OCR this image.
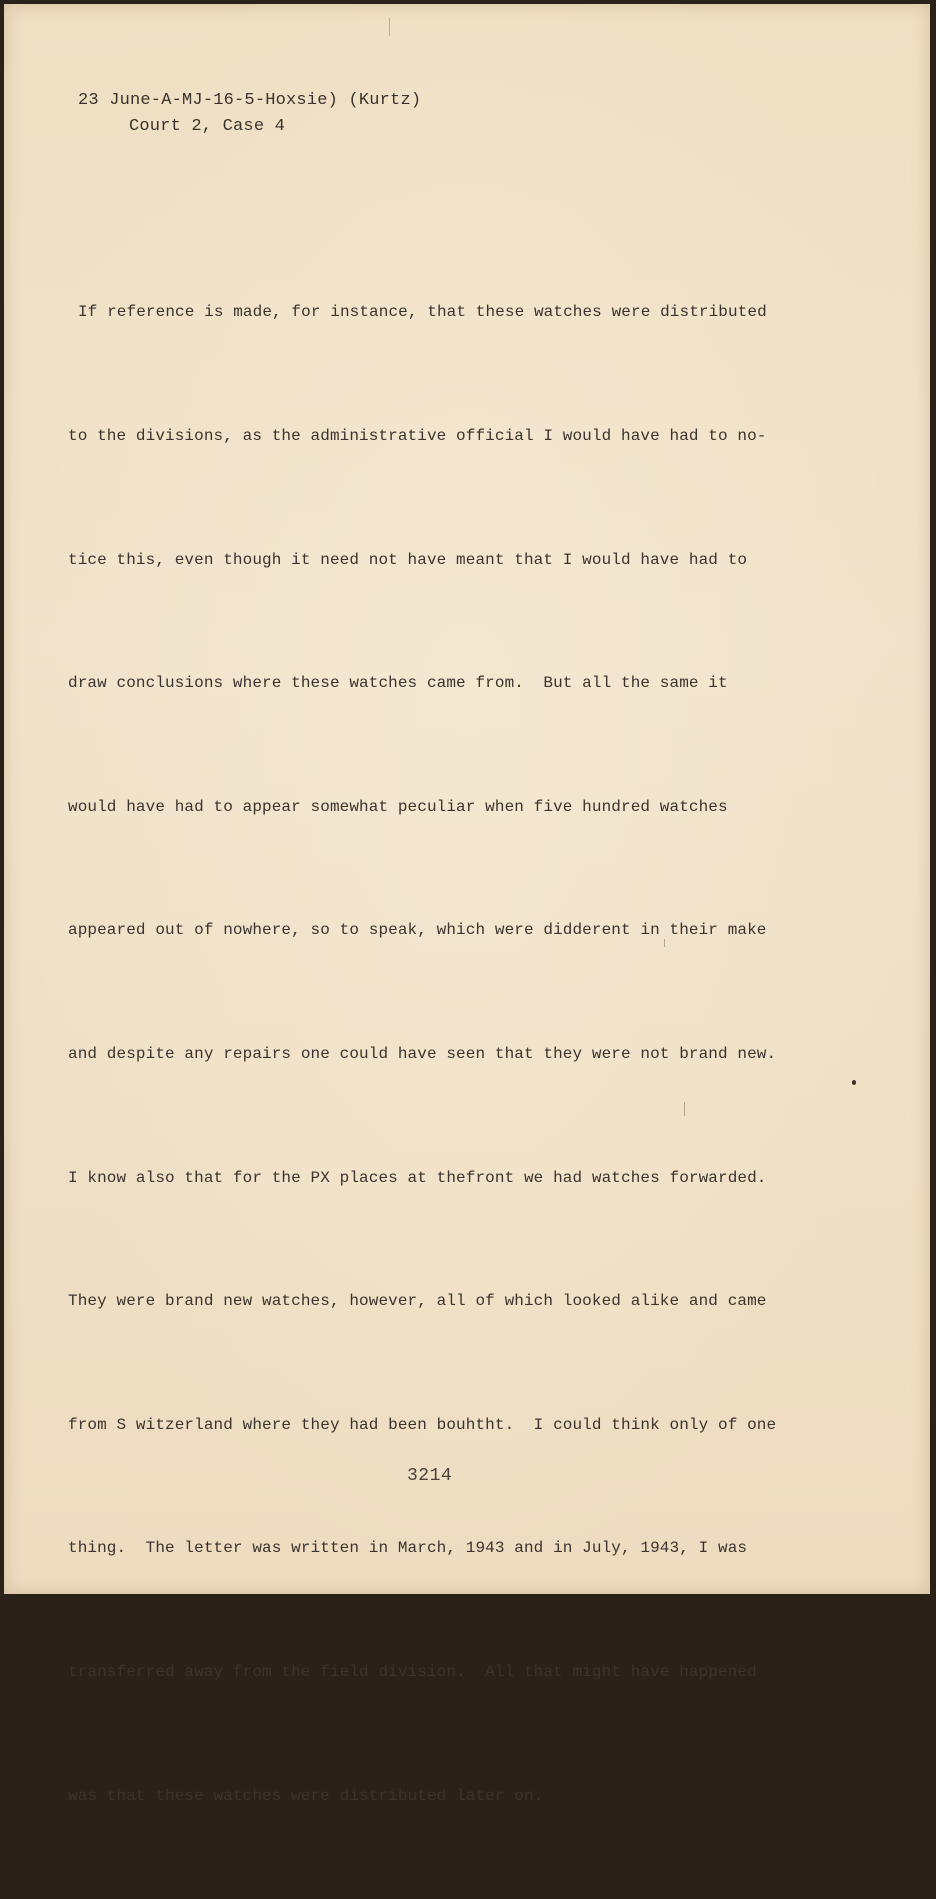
23 June-A-MJ-16-5-Hoxsie) (Kurtz)
Court 2, Case 4

If reference is made, for instance, that these watches were distributed

to the divisions, as the administrative official I would have had to no-

tice this, even though it need not have meant that I would have had to

draw conclusions where these watches came from.  But all the same it

would have had to appear somewhat peculiar when five hundred watches

appeared out of nowhere, so to speak, which were didderent in their make

and despite any repairs one could have seen that they were not brand new.

I know also that for the PX places at thefront we had watches forwarded.

They were brand new watches, however, all of which looked alike and came

from S witzerland where they had been bouhtht.  I could think only of one

thing.  The letter was written in March, 1943 and in July, 1943, I was

transferred away from the field division.  All that might have happened

was that these watches were distributed later on.

3214
